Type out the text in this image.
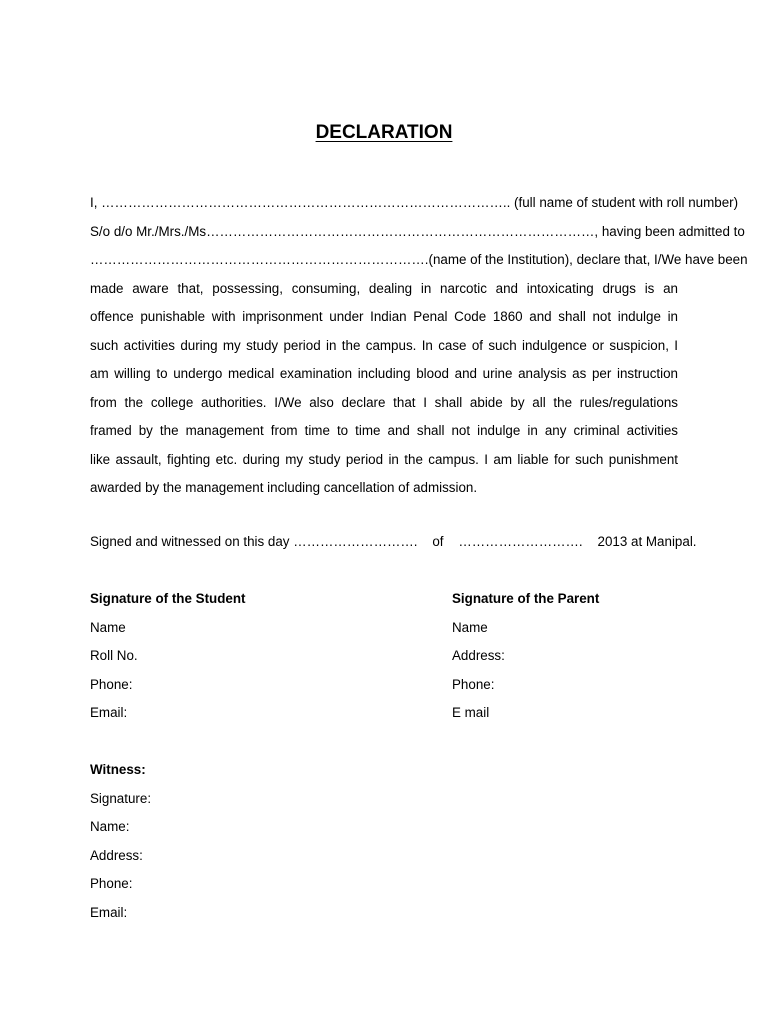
DECLARATION
I, ……………………………………………………………………………….. (full name of student with roll number)
S/o d/o Mr./Mrs./Ms……………………………………………………………………………, having been admitted to
………………………………………………………………….(name of the Institution), declare that, I/We have been
made aware that, possessing, consuming, dealing in narcotic and intoxicating drugs is an
offence punishable with imprisonment under Indian Penal Code 1860 and shall not indulge in
such activities during my study period in the campus. In case of such indulgence or suspicion, I
am willing to undergo medical examination including blood and urine analysis as per instruction
from the college authorities. I/We also declare that I shall abide by all the rules/regulations
framed by the management from time to time and shall not indulge in any criminal activities
like assault, fighting etc. during my study period in the campus. I am liable for such punishment
awarded by the management including cancellation of admission.
Signed and witnessed on this day ……………………….    of    ……………………….    2013 at Manipal.
Signature of the Student
Name
Roll No.
Phone:
Email:
Signature of the Parent
Name
Address:
Phone:
E mail
Witness:
Signature:
Name:
Address:
Phone:
Email:
